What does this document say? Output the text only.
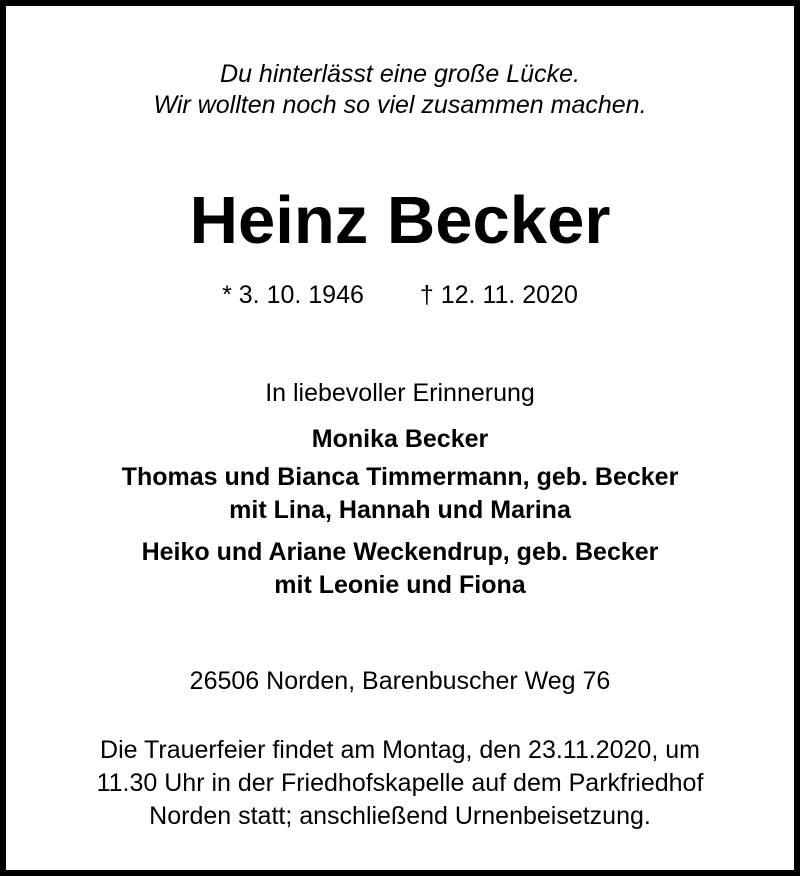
Du hinterlässt eine große Lücke.
Wir wollten noch so viel zusammen machen.
Heinz Becker
* 3. 10. 1946 † 12. 11. 2020
In liebevoller Erinnerung
Monika Becker
Thomas und Bianca Timmermann, geb. Becker
mit Lina, Hannah und Marina
Heiko und Ariane Weckendrup, geb. Becker
mit Leonie und Fiona
26506 Norden, Barenbuscher Weg 76
Die Trauerfeier findet am Montag, den 23.11.2020, um
11.30 Uhr in der Friedhofskapelle auf dem Parkfriedhof
Norden statt; anschließend Urnenbeisetzung.
